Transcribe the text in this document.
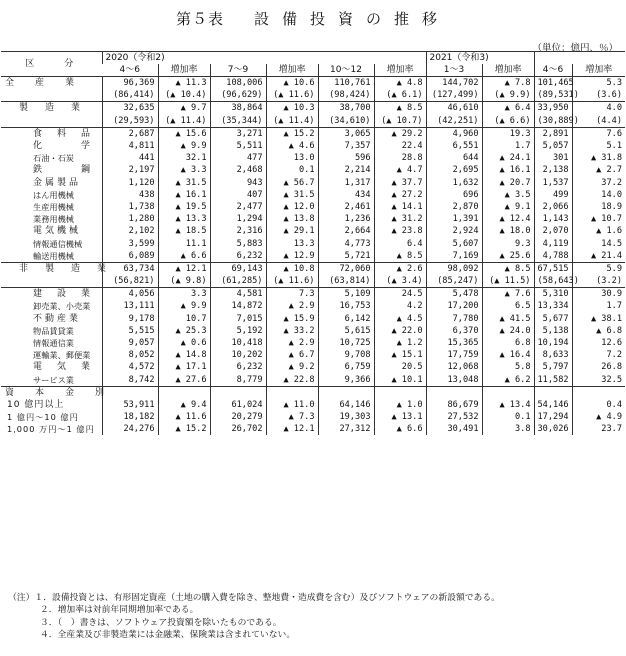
第５表 設備投資の推移
（単位：億円、％）
区　　分	2020（令和2)						2021（令和3)			
	4～6	増加率	7～9	増加率	10～12	増加率	1～3	増加率	4～6	増加率
全　産　業	96,369	▲ 11.3	108,006	▲ 10.6	110,761	▲ 4.8	144,702	▲ 7.8	101,465	5.3
	(86,414)	(▲ 10.4)	(96,629)	(▲ 11.6)	(98,424)	(▲ 6.1)	(127,499)	(▲ 9.9)	(89,531)	(3.6)
製　造　業	32,635	▲ 9.7	38,864	▲ 10.3	38,700	▲ 8.5	46,610	▲ 6.4	33,950	4.0
	(29,593)	(▲ 11.4)	(35,344)	(▲ 11.4)	(34,610)	(▲ 10.7)	(42,251)	(▲ 6.6)	(30,889)	(4.4)
食　料　品	2,687	▲ 15.6	3,271	▲ 15.2	3,065	▲ 29.2	4,960	19.3	2,891	7.6
化　　　学	4,811	▲ 9.9	5,511	▲ 4.6	7,357	22.4	6,551	1.7	5,057	5.1
石油・石炭	441	32.1	477	13.0	596	28.8	644	▲ 24.1	301	▲ 31.8
鉄　　　鋼	2,197	▲ 3.3	2,468	0.1	2,214	▲ 4.7	2,695	▲ 16.1	2,138	▲ 2.7
金属製品	1,120	▲ 31.5	943	▲ 56.7	1,317	▲ 37.7	1,632	▲ 20.7	1,537	37.2
はん用機械	438	▲ 16.1	407	▲ 31.5	434	▲ 27.2	696	▲ 3.5	499	14.0
生産用機械	1,738	▲ 19.5	2,477	▲ 12.0	2,461	▲ 14.1	2,870	▲ 9.1	2,066	18.9
業務用機械	1,280	▲ 13.3	1,294	▲ 13.8	1,236	▲ 31.2	1,391	▲ 12.4	1,143	▲ 10.7
電気機械	2,102	▲ 18.5	2,316	▲ 29.1	2,664	▲ 23.8	2,924	▲ 18.0	2,070	▲ 1.6
情報通信機械	3,599	11.1	5,883	13.3	4,773	6.4	5,607	9.3	4,119	14.5
輸送用機械	6,089	▲ 6.6	6,232	▲ 12.9	5,721	▲ 8.5	7,169	▲ 25.6	4,788	▲ 21.4
非　製　造　業	63,734	▲ 12.1	69,143	▲ 10.8	72,060	▲ 2.6	98,092	▲ 8.5	67,515	5.9
	(56,821)	(▲ 9.8)	(61,285)	(▲ 11.6)	(63,814)	(▲ 3.4)	(85,247)	(▲ 11.5)	(58,643)	(3.2)
建　設　業	4,056	3.3	4,581	7.3	5,109	24.5	5,478	▲ 7.6	5,310	30.9
卸売業、小売業	13,111	▲ 9.9	14,872	▲ 2.9	16,753	4.2	17,200	6.5	13,334	1.7
不動産業	9,178	10.7	7,015	▲ 15.9	6,142	▲ 4.5	7,780	▲ 41.5	5,677	▲ 38.1
物品賃貸業	5,515	▲ 25.3	5,192	▲ 33.2	5,615	▲ 22.0	6,370	▲ 24.0	5,138	▲ 6.8
情報通信業	9,057	▲ 0.6	10,418	▲ 2.9	10,725	▲ 1.2	15,365	6.8	10,194	12.6
運輸業、郵便業	8,052	▲ 14.8	10,202	▲ 6.7	9,708	▲ 15.1	17,759	▲ 16.4	8,633	7.2
電　気　業	4,572	▲ 17.1	6,232	▲ 9.2	6,759	20.5	12,068	5.8	5,797	26.8
サービス業	8,742	▲ 27.6	8,779	▲ 22.8	9,366	▲ 10.1	13,048	▲ 6.2	11,582	32.5
資　本　金　別										
10 億円以上	53,911	▲ 9.4	61,024	▲ 11.0	64,146	▲ 1.0	86,679	▲ 13.4	54,146	0.4
1 億円～10 億円	18,182	▲ 11.6	20,279	▲ 7.3	19,303	▲ 13.1	27,532	0.1	17,294	▲ 4.9
1,000 万円～1 億円	24,276	▲ 15.2	26,702	▲ 12.1	27,312	▲ 6.6	30,491	3.8	30,026	23.7
（注）１．設備投資とは、有形固定資産（土地の購入費を除き、整地費・造成費を含む）及びソフトウェアの新設額である。
２．増加率は対前年同期増加率である。
３．（　）書きは、ソフトウェア投資額を除いたものである。
４．全産業及び非製造業には金融業、保険業は含まれていない。
